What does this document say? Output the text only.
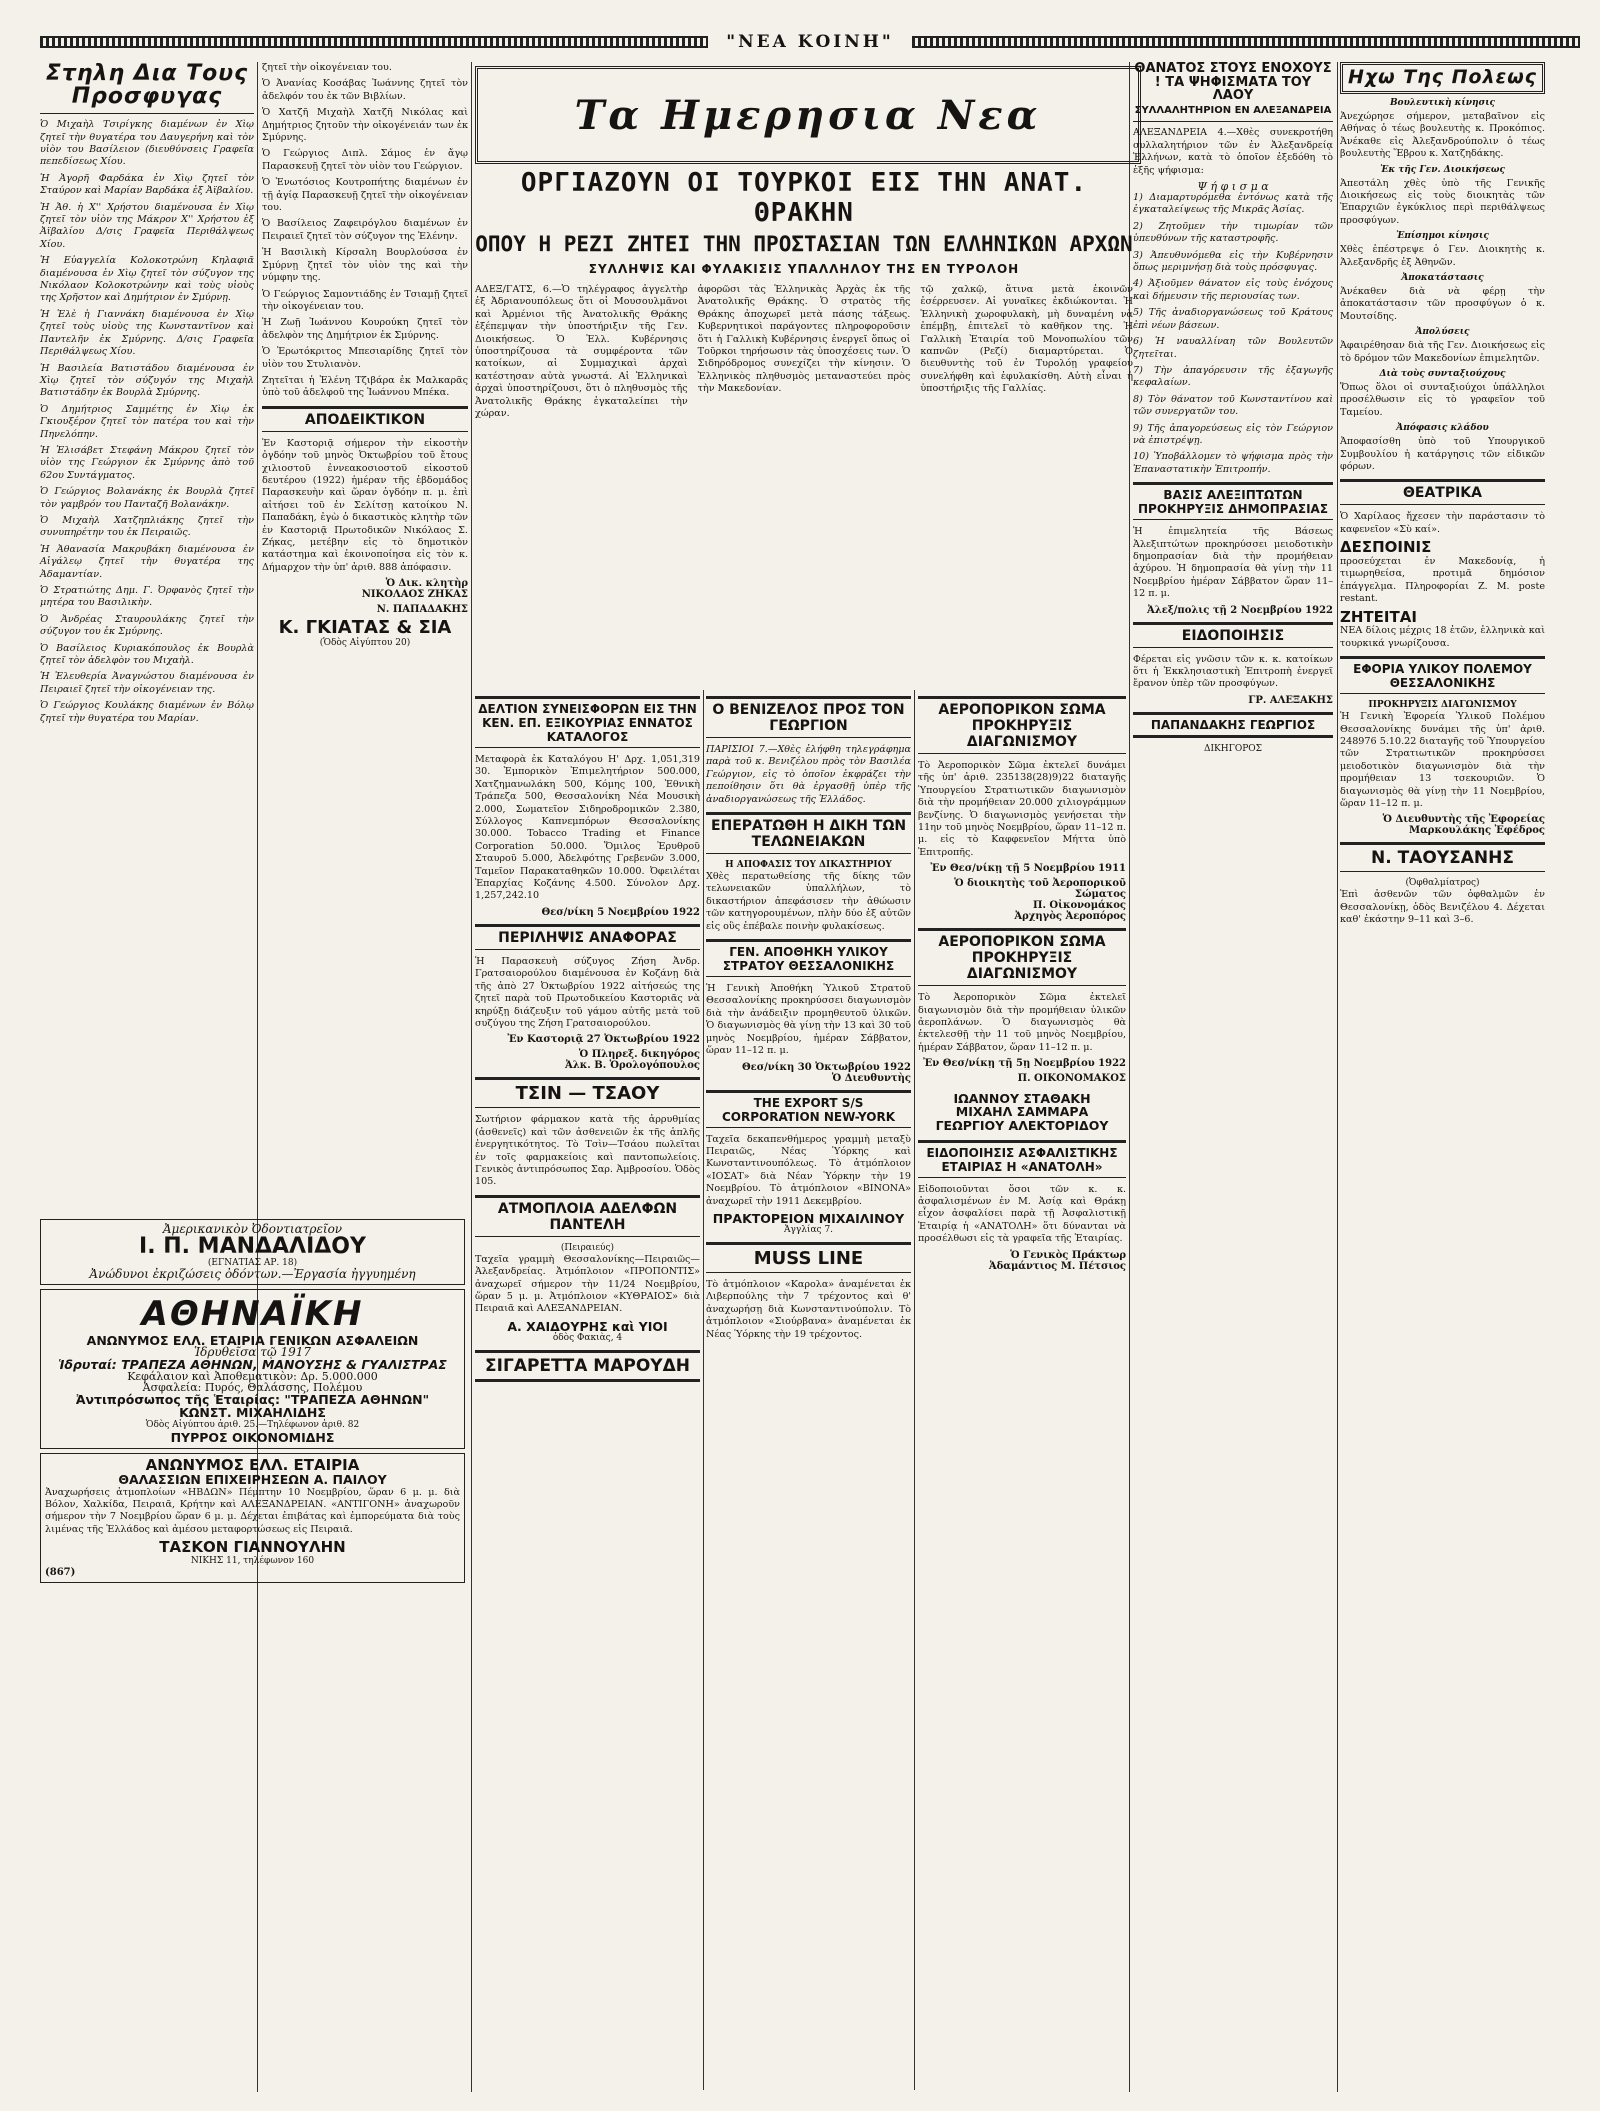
"ΝΕΑ ΚΟΙΝΗ"
Στηλη Δια Τους Προσφυγας

Ὁ Μιχαὴλ Τσιρίγκης διαμένων ἐν Χὶῳ ζητεῖ τὴν θυγατέρα του Δαυγερήνη καὶ τὸν υἱὸν του Βασίλειον (διευθύνσεις Γραφεῖα πεπεδίσεως Χίου.

Ἡ Ἀγορῆ Φαρδάκα ἐν Χὶῳ ζητεῖ τὸν Σταύρον καὶ Μαρίαν Βαρδάκα ἐξ Ἀϊβαλίου.

Ἡ Ἀθ. ἡ Χ'' Χρήστου διαμένουσα ἐν Χὶῳ ζητεῖ τὸν υἱὸν της Μάκρον Χ'' Χρήστου ἐξ Ἀϊβαλίου Δ/σις Γραφεῖα Περιθάλψεως Χίου.

Ἡ Εὐαγγελία Κολοκοτρώνη Κηλαφιᾶ διαμένουσα ἐν Χὶῳ ζητεῖ τὸν σύζυγον της Νικόλαον Κολοκοτρώνην καὶ τοὺς υἱοὺς της Χρῆστον καὶ Δημήτριον ἐν Σμύρνῃ.

Ἡ Ἑλὲ ἡ Γιαννάκη διαμένουσα ἐν Χὶῳ ζητεῖ τοὺς υἱοὺς της Κωνσταντῖνον καὶ Παντελῆν ἐκ Σμύρνης. Δ/σις Γραφεῖα Περιθάλψεως Χίου.

Ἡ Βασιλεία Βατιστάδου διαμένουσα ἐν Χὶῳ ζητεῖ τὸν σύζυγόν της Μιχαὴλ Βατιστάδην ἐκ Βουρλὰ Σμύρνης.

Ὁ Δημήτριος Σαμμέτης ἐν Χὶῳ ἐκ Γκιουξέρον ζητεῖ τὸν πατέρα του καὶ τὴν Πηνελόπην.

Ἡ Ἑλισάβετ Στεφάνη Μάκρου ζητεῖ τὸν υἱὸν της Γεώργιον ἐκ Σμύρνης ἀπὸ τοῦ 62ου Συντάγματος.

Ὁ Γεώργιος Βολανάκης ἐκ Βουρλὰ ζητεῖ τὸν γαμβρόν του Πανταζῆ Βολανάκην.

Ὁ Μιχαὴλ Χατζηπλιάκης ζητεῖ τὴν συνυπηρέτην του ἐκ Πειραιῶς.

Ἡ Ἀθανασία Μακρυβάκη διαμένουσα ἐν Αἰγάλεῳ ζητεῖ τὴν θυγατέρα της Ἀδαμαντίαν.

Ὁ Στρατιώτης Δημ. Γ. Ὀρφανὸς ζητεῖ τὴν μητέρα του Βασιλικὴν.

Ὁ Ἀνδρέας Σταυρουλάκης ζητεῖ τὴν σύζυγον του ἐκ Σμύρνης.

Ὁ Βασίλειος Κυριακόπουλος ἐκ Βουρλὰ ζητεῖ τὸν ἀδελφὸν του Μιχαὴλ.

Ἡ Ἐλευθερία Ἀναγνώστου διαμένουσα ἐν Πειραιεῖ ζητεῖ τὴν οἰκογένειαν της.

Ὁ Γεώργιος Κουλάκης διαμένων ἐν Βόλῳ ζητεῖ τὴν θυγατέρα του Μαρίαν.

ζητεῖ τὴν οἰκογένειαν του.

Ὁ Ἀνανίας Κοσάβας Ἰωάννης ζητεῖ τὸν ἀδελφόν του ἐκ τῶν Βιβλίων.

Ὁ Χατζῆ Μιχαὴλ Χατζῆ Νικόλας καὶ Δημήτριος ζητοῦν τὴν οἰκογένειάν των ἐκ Σμύρνης.

Ὁ Γεώργιος Διπλ. Σάμος ἐν ἄγῳ Παρασκευῇ ζητεῖ τὸν υἱὸν του Γεώργιον.

Ὁ Ἐνωτόσιος Κουτροπήτης διαμένων ἐν τῇ ἁγίᾳ Παρασκευῇ ζητεῖ τὴν οἰκογένειαν του.

Ὁ Βασίλειος Ζαφειρόγλου διαμένων ἐν Πειραιεῖ ζητεῖ τὸν σύζυγον της Ἑλένην.

Ἡ Βασιλικὴ Κίρσαλη Βουρλούσσα ἐν Σμύρνῃ ζητεῖ τὸν υἱὸν της καὶ τὴν νύμφην της.

Ὁ Γεώργιος Σαμοντιάδης ἐν Τσιαμῇ ζητεῖ τὴν οἰκογένειαν του.

Ἡ Ζωῇ Ἰωάννου Κουρούκη ζητεῖ τὸν ἀδελφὸν της Δημήτριον ἐκ Σμύρνης.

Ὁ Ἐρωτόκριτος Μπεσιαρίδης ζητεῖ τὸν υἱὸν του Στυλιανὸν.

Ζητεῖται ἡ Ἑλένη Τζιβάρα ἐκ Μαλκαρᾶς ὑπὸ τοῦ ἀδελφοῦ της Ἰωάννου Μπέκα.

ΑΠΟΔΕΙΚΤΙΚΟΝ

Ἐν Καστοριᾷ σήμερον τὴν εἰκοστὴν ὀγδόην τοῦ μηνὸς Ὀκτωβρίου τοῦ ἔτους χιλιοστοῦ ἐννεακοσιοστοῦ εἰκοστοῦ δευτέρου (1922) ἡμέραν τῆς ἑβδομάδος Παρασκευὴν καὶ ὥραν ὀγδόην π. μ. ἐπὶ αἰτήσει τοῦ ἐν Σελίτσῃ κατοίκου Ν. Παπαδάκη, ἐγὼ ὁ δικαστικὸς κλητὴρ τῶν ἐν Καστοριᾷ Πρωτοδικῶν Νικόλαος Σ. Ζήκας, μετέβην εἰς τὸ δημοτικὸν κατάστημα καὶ ἐκοινοποίησα εἰς τὸν κ. Δήμαρχον τὴν ὑπ' ἀριθ. 888 ἀπόφασιν.

Ὁ Δικ. κλητὴρ
ΝΙΚΟΛΑΟΣ ΖΗΚΑΣ
Ν. ΠΑΠΑΔΑΚΗΣ
Κ. ΓΚΙΑΤΑΣ & ΣΙΑ
(Ὁδὸς Αἰγύπτου 20)
Ἀμερικανικὸν Ὀδοντιατρεῖον
Ι. Π. ΜΑΝΔΑΛΙΔΟΥ
(ΕΓΝΑΤΙΑΣ ΑΡ. 18)
Ἀνώδυνοι ἐκριζώσεις ὀδόντων.—Ἐργασία ἠγγυημένη
ΑΘΗΝΑΪΚΗ
ΑΝΩΝΥΜΟΣ ΕΛΛ. ΕΤΑΙΡΙΑ ΓΕΝΙΚΩΝ ΑΣΦΑΛΕΙΩΝ
Ἱδρυθεῖσα τῷ 1917
Ἱδρυταί: ΤΡΑΠΕΖΑ ΑΘΗΝΩΝ, ΜΑΝΟΥΣΗΣ & ΓΥΑΛΙΣΤΡΑΣ
Κεφάλαιον καὶ Ἀποθεματικὸν: Δρ. 5.000.000
Ἀσφαλεία: Πυρός, Θαλάσσης, Πολέμου
Ἀντιπρόσωπος τῆς Ἑταιρίας: "ΤΡΑΠΕΖΑ ΑΘΗΝΩΝ"
ΚΩΝΣΤ. ΜΙΧΑΗΛΙΔΗΣ
Ὁδὸς Αἰγύπτου ἀριθ. 25.—Τηλέφωνον ἀριθ. 82
ΠΥΡΡΟΣ ΟΙΚΟΝΟΜΙΔΗΣ
ΑΝΩΝΥΜΟΣ ΕΛΛ. ΕΤΑΙΡΙΑ
ΘΑΛΑΣΣΙΩΝ ΕΠΙΧΕΙΡΗΣΕΩΝ Α. ΠΑΙΛΟΥ

Ἀναχωρήσεις ἀτμοπλοίων «ΗΒΔΩΝ» Πέμπτην 10 Νοεμβρίου, ὥραν 6 μ. μ. διὰ Βόλον, Χαλκίδα, Πειραιᾶ, Κρήτην καὶ ΑΛΕΞΑΝΔΡΕΙΑΝ. «ΑΝΤΙΓΟΝΗ» ἀναχωροῦν σήμερον τὴν 7 Νοεμβρίου ὥραν 6 μ. μ. Δέχεται ἐπιβάτας καὶ ἐμπορεύματα διὰ τοὺς λιμένας τῆς Ἑλλάδος καὶ ἀμέσου μεταφορτώσεως εἰς Πειραιᾶ.

ΤΑΣΚΟΝ ΓΙΑΝΝΟΥΛΗΝ
ΝΙΚΗΣ 11, τηλέφωνον 160
(867)
Τα Ημερησια Νεα
ΟΡΓΙΑΖΟΥΝ ΟΙ ΤΟΥΡΚΟΙ ΕΙΣ ΤΗΝ ΑΝΑΤ. ΘΡΑΚΗΝ
ΟΠΟΥ Η ΡΕΖΙ ΖΗΤΕΙ ΤΗΝ ΠΡΟΣΤΑΣΙΑΝ ΤΩΝ ΕΛΛΗΝΙΚΩΝ ΑΡΧΩΝ
ΣΥΛΛΗΨΙΣ ΚΑΙ ΦΥΛΑΚΙΣΙΣ ΥΠΑΛΛΗΛΟΥ ΤΗΣ ΕΝ ΤΥΡΟΛΟΗ

ΑΔΕΞ/ΓΑΤΣ, 6.—Ὁ τηλέγραφος ἀγγελτὴρ ἐξ Ἀδριανουπόλεως ὅτι οἱ Μουσουλμᾶνοι καὶ Ἀρμένιοι τῆς Ἀνατολικῆς Θράκης ἐξέπεμψαν τὴν ὑποστήριξιν τῆς Γεν. Διοικήσεως. Ὁ Ἐλλ. Κυβέρνησις ὑποστηρίζουσα τὰ συμφέροντα τῶν κατοίκων, αἱ Συμμαχικαὶ ἀρχαὶ κατέστησαν αὐτὰ γνωστά. Αἱ Ἑλληνικαὶ ἀρχαὶ ὑποστηρίζουσι, ὅτι ὁ πληθυσμὸς τῆς Ἀνατολικῆς Θράκης ἐγκαταλείπει τὴν χώραν.

ἀφορῶσι τὰς Ἑλληνικὰς Ἀρχὰς ἐκ τῆς Ἀνατολικῆς Θράκης. Ὁ στρατὸς τῆς Θράκης ἀποχωρεῖ μετὰ πάσης τάξεως. Κυβερνητικοὶ παράγοντες πληροφοροῦσιν ὅτι ἡ Γαλλικὴ Κυβέρνησις ἐνεργεῖ ὅπως οἱ Τοῦρκοι τηρήσωσιν τὰς ὑποσχέσεις των. Ὁ Σιδηρόδρομος συνεχίζει τὴν κίνησιν. Ὁ Ἑλληνικὸς πληθυσμὸς μεταναστεύει πρὸς τὴν Μακεδονίαν.

τῷ χαλκῷ, ἅτινα μετὰ ἐκοινῶν ἐσέρρευσεν. Αἱ γυναῖκες ἐκδιώκονται. Ἡ Ἑλληνικὴ χωροφυλακὴ, μὴ δυναμένη νὰ ἐπέμβῃ, ἐπιτελεῖ τὸ καθῆκον της. Ἡ Γαλλικὴ Ἐταιρία τοῦ Μονοπωλίου τῶν καπνῶν (Ρεζί) διαμαρτύρεται. Ὁ διευθυντὴς τοῦ ἐν Τυρολόῃ γραφείου συνελήφθη καὶ ἐφυλακίσθη. Αὐτὴ εἶναι ἡ ὑποστήριξις τῆς Γαλλίας.

ΔΕΛΤΙΟΝ ΣΥΝΕΙΣΦΟΡΩΝ ΕΙΣ ΤΗΝ ΚΕΝ. ΕΠ. ΕΞΙΚΟΥΡΙΑΣ ΕΝΝΑΤΟΣ ΚΑΤΑΛΟΓΟΣ

Μεταφορὰ ἐκ Καταλόγου Η' Δρχ. 1,051,319 30. Ἐμπορικὸν Ἐπιμελητήριον 500.000, Χατζημανωλάκη 500, Κόμης 100, Ἐθνικὴ Τράπεζα 500, Θεσσαλονίκη Νέα Μουσικὴ 2.000, Σωματεῖον Σιδηροδρομικῶν 2.380, Σύλλογος Καπνεμπόρων Θεσσαλονίκης 30.000. Tobacco Trading et Finance Corporation 50.000. Ὅμιλος Ἐρυθροῦ Σταυροῦ 5.000, Ἀδελφότης Γρεβενῶν 3.000, Ταμεῖον Παρακαταθηκῶν 10.000. Ὀφειλέται Ἐπαρχίας Κοζάνης 4.500. Σύνολον Δρχ. 1,257,242.10

Θεσ/νίκη 5 Νοεμβρίου 1922
ΠΕΡΙΛΗΨΙΣ ΑΝΑΦΟΡΑΣ

Ἡ Παρασκευὴ σύζυγος Ζήση Ἀνδρ. Γρατσαιορούλου διαμένουσα ἐν Κοζάνῃ διὰ τῆς ἀπὸ 27 Ὀκτωβρίου 1922 αἰτήσεώς της ζητεῖ παρὰ τοῦ Πρωτοδικείου Καστοριᾶς νὰ κηρύξῃ διάζευξιν τοῦ γάμου αὐτῆς μετὰ τοῦ συζύγου της Ζήση Γρατσαιορούλου.

Ἐν Καστοριᾷ 27 Ὀκτωβρίου 1922
Ὁ Πληρεξ. δικηγόρος
Ἀλκ. Β. Ὁρολογόπουλος
ΤΣΙΝ — ΤΣΑΟΥ

Σωτήριον φάρμακον κατὰ τῆς ἀρρυθμίας (ἀσθενεῖς) καὶ τῶν ἀσθενειῶν ἐκ τῆς ἁπλῆς ἐνεργητικότητος. Τὸ Τσὶν—Τσάου πωλεῖται ἐν τοῖς φαρμακείοις καὶ παντοπωλείοις. Γενικὸς ἀντιπρόσωπος Σαρ. Ἀμβροσίου. Ὁδὸς 105.

ΑΤΜΟΠΛΟΙΑ ΑΔΕΛΦΩΝ ΠΑΝΤΕΛΗ
(Πειραιεύς)

Ταχεῖα γραμμὴ Θεσσαλονίκης—Πειραιῶς—Ἀλεξανδρείας. Ἀτμόπλοιον «ΠΡΟΠΟΝΤΙΣ» ἀναχωρεῖ σήμερον τὴν 11/24 Νοεμβρίου, ὥραν 5 μ. μ. Ἀτμόπλοιον «ΚΥΘΡΑΙΟΣ» διὰ Πειραιᾶ καὶ ΑΛΕΞΑΝΔΡΕΙΑΝ.

Α. ΧΑΙΔΟΥΡΗΣ καὶ ΥΙΟΙ
ὁδὸς Φακιὰς, 4
ΣΙΓΑΡΕΤΤΑ ΜΑΡΟΥΔΗ
Ο ΒΕΝΙΖΕΛΟΣ ΠΡΟΣ ΤΟΝ ΓΕΩΡΓΙΟΝ

ΠΑΡΙΣΙΟΙ 7.—Χθὲς ἐλήφθη τηλεγράφημα παρὰ τοῦ κ. Βενιζέλου πρὸς τὸν Βασιλέα Γεώργιον, εἰς τὸ ὁποῖον ἐκφράζει τὴν πεποίθησιν ὅτι θὰ ἐργασθῇ ὑπὲρ τῆς ἀναδιοργανώσεως τῆς Ἑλλάδος.

ΕΠΕΡΑΤΩΘΗ Η ΔΙΚΗ ΤΩΝ ΤΕΛΩΝΕΙΑΚΩΝ
Η ΑΠΟΦΑΣΙΣ ΤΟΥ ΔΙΚΑΣΤΗΡΙΟΥ

Χθὲς περατωθείσης τῆς δίκης τῶν τελωνειακῶν ὑπαλλήλων, τὸ δικαστήριον ἀπεφάσισεν τὴν ἀθώωσιν τῶν κατηγορουμένων, πλὴν δύο ἐξ αὐτῶν εἰς οὓς ἐπέβαλε ποινὴν φυλακίσεως.

ΓΕΝ. ΑΠΟΘΗΚΗ ΥΛΙΚΟΥ ΣΤΡΑΤΟΥ ΘΕΣΣΑΛΟΝΙΚΗΣ

Ἡ Γενικὴ Ἀποθήκη Ὑλικοῦ Στρατοῦ Θεσσαλονίκης προκηρύσσει διαγωνισμὸν διὰ τὴν ἀνάδειξιν προμηθευτοῦ ὑλικῶν. Ὁ διαγωνισμὸς θὰ γίνῃ τὴν 13 καὶ 30 τοῦ μηνὸς Νοεμβρίου, ἡμέραν Σάββατον, ὥραν 11–12 π. μ.

Θεσ/νίκη 30 Ὀκτωβρίου 1922
Ὁ Διευθυντὴς
THE EXPORT S/S CORPORATION NEW-YORK

Ταχεῖα δεκαπενθήμερος γραμμὴ μεταξὺ Πειραιῶς, Νέας Ὑόρκης καὶ Κωνσταντινουπόλεως. Τὸ ἀτμόπλοιον «ΙΟΣΑΤ» διὰ Νέαν Ὑόρκην τὴν 19 Νοεμβρίου. Τὸ ἀτμόπλοιον «ΒΙΝΟΝΑ» ἀναχωρεῖ τὴν 1911 Δεκεμβρίου.

ΠΡΑΚΤΟΡΕΙΟΝ ΜΙΧΑΙΛΙΝΟΥ
Ἀγγλίας 7.
MUSS LINE

Τὸ ἀτμόπλοιον «Καρολα» ἀναμένεται ἐκ Λιβερπούλης τὴν 7 τρέχοντος καὶ θ' ἀναχωρήσῃ διὰ Κωνσταντινούπολιν. Τὸ ἀτμόπλοιον «Σιούρβανα» ἀναμένεται ἐκ Νέας Ὑόρκης τὴν 19 τρέχοντος.

ΑΕΡΟΠΟΡΙΚΟΝ ΣΩΜΑ ΠΡΟΚΗΡΥΞΙΣ ΔΙΑΓΩΝΙΣΜΟΥ

Τὸ Ἀεροπορικὸν Σῶμα ἐκτελεῖ δυνάμει τῆς ὑπ' ἀριθ. 235138(28)9)22 διαταγῆς Ὑπουργείου Στρατιωτικῶν διαγωνισμὸν διὰ τὴν προμήθειαν 20.000 χιλιογράμμων βενζίνης. Ὁ διαγωνισμὸς γενήσεται τὴν 11ην τοῦ μηνὸς Νοεμβρίου, ὥραν 11–12 π. μ. εἰς τὸ Καφφενεῖον Μήττα ὑπὸ Ἐπιτροπῆς.

Ἐν Θεσ/νίκῃ τῇ 5 Νοεμβρίου 1911
Ὁ διοικητὴς τοῦ Ἀεροπορικοῦ Σώματος
Π. Οἰκονομάκος
Ἀρχηγὸς Ἀεροπόρος
ΑΕΡΟΠΟΡΙΚΟΝ ΣΩΜΑ ΠΡΟΚΗΡΥΞΙΣ ΔΙΑΓΩΝΙΣΜΟΥ

Τὸ Ἀεροπορικὸν Σῶμα ἐκτελεῖ διαγωνισμὸν διὰ τὴν προμήθειαν ὑλικῶν ἀεροπλάνων. Ὁ διαγωνισμὸς θὰ ἐκτελεσθῇ τὴν 11 τοῦ μηνὸς Νοεμβρίου, ἡμέραν Σάββατον, ὥραν 11–12 π. μ.

Ἐν Θεσ/νίκῃ τῇ 5ῃ Νοεμβρίου 1922
Π. ΟΙΚΟΝΟΜΑΚΟΣ
ΙΩΑΝΝΟΥ ΣΤΑΘΑΚΗ
ΜΙΧΑΗΛ ΣΑΜΜΑΡΑ
ΓΕΩΡΓΙΟΥ ΑΛΕΚΤΟΡΙΔΟΥ
ΕΙΔΟΠΟΙΗΣΙΣ ΑΣΦΑΛΙΣΤΙΚΗΣ ΕΤΑΙΡΙΑΣ Η «ΑΝΑΤΟΛΗ»

Εἰδοποιοῦνται ὅσοι τῶν κ. κ. ἀσφαλισμένων ἐν Μ. Ἀσίᾳ καὶ Θράκῃ εἶχον ἀσφαλίσει παρὰ τῇ Ἀσφαλιστικῇ Ἑταιρίᾳ ἡ «ΑΝΑΤΟΛΗ» ὅτι δύνανται νὰ προσέλθωσι εἰς τὰ γραφεῖα τῆς Ἑταιρίας.

Ὁ Γενικὸς Πράκτωρ
Ἀδαμάντιος Μ. Πέτσιος
ΘΑΝΑΤΟΣ ΣΤΟΥΣ ΕΝΟΧΟΥΣ ! ΤΑ ΨΗΦΙΣΜΑΤΑ ΤΟΥ ΛΑΟΥ
ΣΥΛΛΑΛΗΤΗΡΙΟΝ ΕΝ ΑΛΕΞΑΝΔΡΕΙΑ

ΑΛΕΞΑΝΔΡΕΙΑ 4.—Χθὲς συνεκροτήθη συλλαλητήριον τῶν ἐν Ἀλεξανδρείᾳ Ἑλλήνων, κατὰ τὸ ὁποῖον ἐξεδόθη τὸ ἑξῆς ψήφισμα:

Ψ ή φ ι σ μ α

1) Διαμαρτυρόμεθα ἐντόνως κατὰ τῆς ἐγκαταλείψεως τῆς Μικρᾶς Ἀσίας.

2) Ζητοῦμεν τὴν τιμωρίαν τῶν ὑπευθύνων τῆς καταστροφῆς.

3) Ἀπευθυνόμεθα εἰς τὴν Κυβέρνησιν ὅπως μεριμνήσῃ διὰ τοὺς πρόσφυγας.

4) Ἀξιοῦμεν θάνατον εἰς τοὺς ἐνόχους καὶ δήμευσιν τῆς περιουσίας των.

5) Τῆς ἀναδιοργανώσεως τοῦ Κράτους ἐπὶ νέων βάσεων.

6) Ἡ ναυαλλίναη τῶν Βουλευτῶν ζητεῖται.

7) Τὴν ἀπαγόρευσιν τῆς ἐξαγωγῆς κεφαλαίων.

8) Τὸν θάνατον τοῦ Κωνσταντίνου καὶ τῶν συνεργατῶν του.

9) Τῆς ἀπαγορεύσεως εἰς τὸν Γεώργιον νὰ ἐπιστρέψῃ.

10) Ὑποβάλλομεν τὸ ψήφισμα πρὸς τὴν Ἐπαναστατικὴν Ἐπιτροπήν.

ΒΑΣΙΣ ΑΛΕΞΙΠΤΩΤΩΝ ΠΡΟΚΗΡΥΞΙΣ ΔΗΜΟΠΡΑΣΙΑΣ

Ἡ ἐπιμελητεία τῆς Βάσεως Ἀλεξιπτώτων προκηρύσσει μειοδοτικὴν δημοπρασίαν διὰ τὴν προμήθειαν ἀχύρου. Ἡ δημοπρασία θὰ γίνῃ τὴν 11 Νοεμβρίου ἡμέραν Σάββατον ὥραν 11–12 π. μ.

Ἀλεξ/πολις τῇ 2 Νοεμβρίου 1922
ΕΙΔΟΠΟΙΗΣΙΣ

Φέρεται εἰς γνῶσιν τῶν κ. κ. κατοίκων ὅτι ἡ Ἐκκλησιαστικὴ Ἐπιτροπὴ ἐνεργεῖ ἔρανον ὑπὲρ τῶν προσφύγων.

ΓΡ. ΑΛΕΞΑΚΗΣ
ΠΑΠΑΝΔΑΚΗΣ ΓΕΩΡΓΙΟΣ
ΔΙΚΗΓΟΡΟΣ
Ηχω Της Πολεως
Βουλευτικὴ κίνησις

Ἀνεχώρησε σήμερον, μεταβαῖνον εἰς Αθήνας ὁ τέως βουλευτὴς κ. Προκόπιος. Ἀνέκαθε εἰς Ἀλεξανδρούπολιν ὁ τέως βουλευτὴς Ἕβρου κ. Χατζηδάκης.

Ἐκ τῆς Γεν. Διοικήσεως

Ἀπεστάλη χθὲς ὑπὸ τῆς Γενικῆς Διοικήσεως εἰς τοὺς διοικητὰς τῶν Ἐπαρχιῶν ἐγκύκλιος περὶ περιθάλψεως προσφύγων.

Ἐπίσημοι κίνησις

Χθὲς ἐπέστρεψε ὁ Γεν. Διοικητὴς κ. Ἀλεξανδρῆς ἐξ Ἀθηνῶν.

Ἀποκατάστασις

Ἀνέκαθεν διὰ νὰ φέρῃ τὴν ἀποκατάστασιν τῶν προσφύγων ὁ κ. Μουτσίδης.

Ἀπολύσεις

Ἀφαιρέθησαν διὰ τῆς Γεν. Διοικήσεως εἰς τὸ δρόμον τῶν Μακεδονίων ἐπιμελητῶν.

Διὰ τοὺς συνταξιούχους

Ὅπως ὅλοι οἱ συνταξιούχοι ὑπάλληλοι προσέλθωσιν εἰς τὸ γραφεῖον τοῦ Ταμείου.

Ἀπόφασις κλάδου

Ἀποφασίσθη ὑπὸ τοῦ Υπουργικοῦ Συμβουλίου ἡ κατάργησις τῶν εἰδικῶν φόρων.

ΘΕΑΤΡΙΚΑ

Ὁ Χαρίλαος ἤχεσεν τὴν παράστασιν τὸ καφενεῖον «Σὺ καί».

ΔΕΣΠΟΙΝΙΣ

προσεύχεται ἐν Μακεδονίᾳ, ἡ τιμωρηθείσα, προτιμᾶ δημόσιον ἐπάγγελμα. Πληροφορίαι Ζ. Μ. poste restant.

ΖΗΤΕΙΤΑΙ

ΝΕΑ δίλοις μέχρις 18 ἐτῶν, ἑλληνικὰ καὶ τουρκικά γνωρίζουσα.

ΕΦΟΡΙΑ ΥΛΙΚΟΥ ΠΟΛΕΜΟΥ ΘΕΣΣΑΛΟΝΙΚΗΣ
ΠΡΟΚΗΡΥΞΙΣ ΔΙΑΓΩΝΙΣΜΟΥ

Ἡ Γενικὴ Ἐφορεία Ὑλικοῦ Πολέμου Θεσσαλονίκης δυνάμει τῆς ὑπ' ἀριθ. 248976 5.10.22 διαταγῆς τοῦ Ὑπουργείου τῶν Στρατιωτικῶν προκηρύσσει μειοδοτικὸν διαγωνισμὸν διὰ τὴν προμήθειαν 13 τσεκουριῶν. Ὁ διαγωνισμὸς θὰ γίνῃ τὴν 11 Νοεμβρίου, ὥραν 11–12 π. μ.

Ὁ Διευθυντὴς τῆς Ἐφορείας
Μαρκουλάκης Ἐφέδρος
Ν. ΤΑΟΥΣΑΝΗΣ
(Ὀφθαλμίατρος)

Ἐπὶ ἀσθενῶν τῶν ὀφθαλμῶν ἐν Θεσσαλονίκῃ, ὁδὸς Βενιζέλου 4. Δέχεται καθ' ἑκάστην 9–11 καὶ 3–6.
